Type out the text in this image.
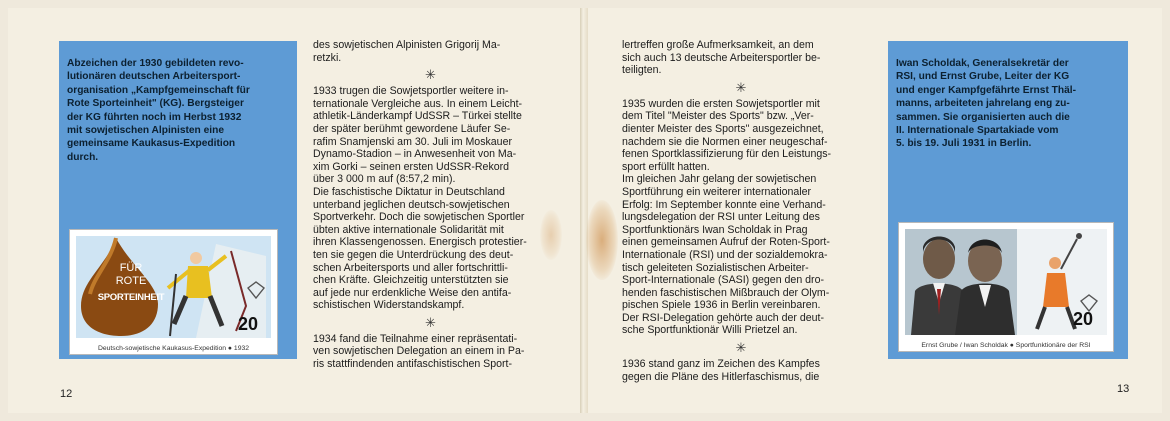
Abzeichen der 1930 gebildeten revo-
lutionären deutschen Arbeitersport-
organisation „Kampfgemeinschaft für
Rote Sporteinheit" (KG). Bergsteiger
der KG führten noch im Herbst 1932
mit sowjetischen Alpinisten eine
gemeinsame Kaukasus-Expedition
durch.
FÜR
ROTE
SPORTEINHEIT
20
Deutsch-sowjetische Kaukasus-Expedition ● 1932

des sowjetischen Alpinisten Grigorij Ma-

retzki.

✳

1933 trugen die Sowjetsportler weitere in-

ternationale Vergleiche aus. In einem Leicht-

athletik-Länderkampf UdSSR – Türkei stellte

der später berühmt gewordene Läufer Se-

rafim Snamjenski am 30. Juli im Moskauer

Dynamo-Stadion – in Anwesenheit von Ma-

xim Gorki – seinen ersten UdSSR-Rekord

über 3 000 m auf (8:57,2 min).

Die faschistische Diktatur in Deutschland

unterband jeglichen deutsch-sowjetischen

Sportverkehr. Doch die sowjetischen Sportler

übten aktive internationale Solidarität mit

ihren Klassengenossen. Energisch protestier-

ten sie gegen die Unterdrückung des deut-

schen Arbeitersports und aller fortschrittli-

chen Kräfte. Gleichzeitig unterstützten sie

auf jede nur erdenkliche Weise den antifa-

schistischen Widerstandskampf.

✳

1934 fand die Teilnahme einer repräsentati-

ven sowjetischen Delegation an einem in Pa-

ris stattfindenden antifaschistischen Sport-

12

lertreffen große Aufmerksamkeit, an dem

sich auch 13 deutsche Arbeitersportler be-

teiligten.

✳

1935 wurden die ersten Sowjetsportler mit

dem Titel "Meister des Sports" bzw. „Ver-

dienter Meister des Sports" ausgezeichnet,

nachdem sie die Normen einer neugeschaf-

fenen Sportklassifizierung für den Leistungs-

sport erfüllt hatten.

Im gleichen Jahr gelang der sowjetischen

Sportführung ein weiterer internationaler

Erfolg: Im September konnte eine Verhand-

lungsdelegation der RSI unter Leitung des

Sportfunktionärs Iwan Scholdak in Prag

einen gemeinsamen Aufruf der Roten-Sport-

Internationale (RSI) und der sozialdemokra-

tisch geleiteten Sozialistischen Arbeiter-

Sport-Internationale (SASI) gegen den dro-

henden faschistischen Mißbrauch der Olym-

pischen Spiele 1936 in Berlin vereinbaren.

Der RSI-Delegation gehörte auch der deut-

sche Sportfunktionär Willi Prietzel an.

✳

1936 stand ganz im Zeichen des Kampfes

gegen die Pläne des Hitlerfaschismus, die

Iwan Scholdak, Generalsekretär der
RSI, und Ernst Grube, Leiter der KG
und enger Kampfgefährte Ernst Thäl-
manns, arbeiteten jahrelang eng zu-
sammen. Sie organisierten auch die
II. Internationale Spartakiade vom
5. bis 19. Juli 1931 in Berlin.
20
Ernst Grube / Iwan Scholdak ● Sportfunktionäre der RSI
13
